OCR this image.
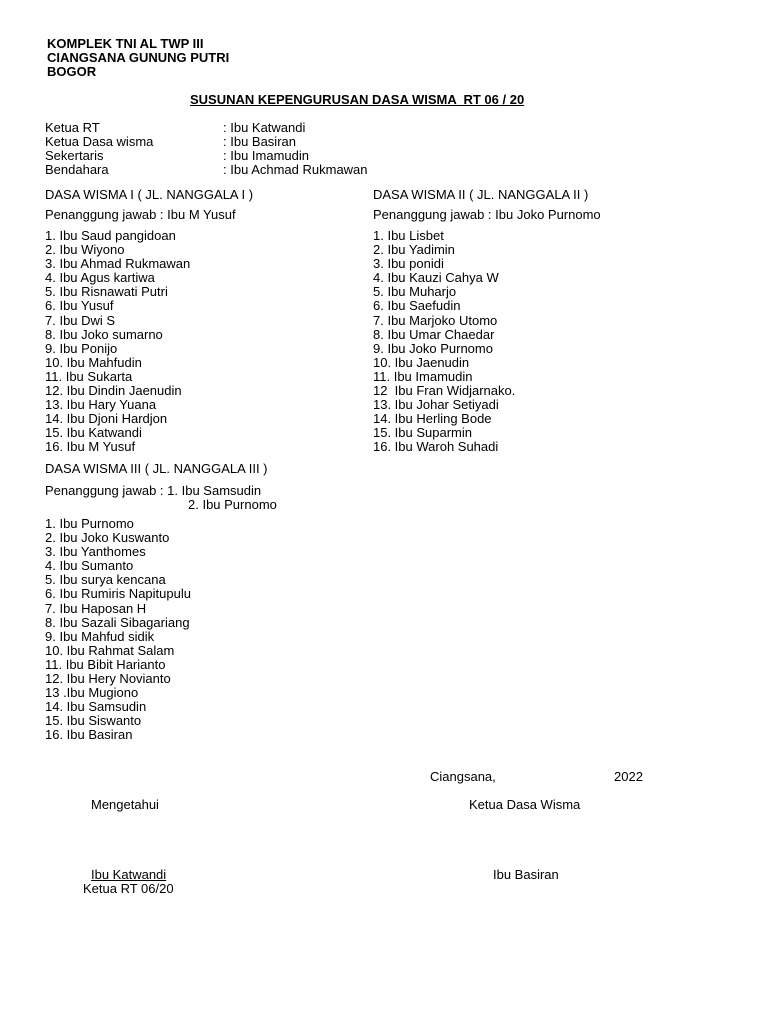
KOMPLEK TNI AL TWP III
CIANGSANA GUNUNG PUTRI
BOGOR
SUSUNAN KEPENGURUSAN DASA WISMA  RT 06 / 20
Ketua RT	: Ibu Katwandi
Ketua Dasa wisma	: Ibu Basiran
Sekertaris	: Ibu Imamudin
Bendahara	: Ibu Achmad Rukmawan
DASA WISMA I ( JL. NANGGALA I )
Penanggung jawab : Ibu M Yusuf
1. Ibu Saud pangidoan
2. Ibu Wiyono
3. Ibu Ahmad Rukmawan
4. Ibu Agus kartiwa
5. Ibu Risnawati Putri
6. Ibu Yusuf
7. Ibu Dwi S
8. Ibu Joko sumarno
9. Ibu Ponijo
10. Ibu Mahfudin
11. Ibu Sukarta
12. Ibu Dindin Jaenudin
13. Ibu Hary Yuana
14. Ibu Djoni Hardjon
15. Ibu Katwandi
16. Ibu M Yusuf
DASA WISMA II ( JL. NANGGALA II )
Penanggung jawab : Ibu Joko Purnomo
1. Ibu Lisbet
2. Ibu Yadimin
3. Ibu ponidi
4. Ibu Kauzi Cahya W
5. Ibu Muharjo
6. Ibu Saefudin
7. Ibu Marjoko Utomo
8. Ibu Umar Chaedar
9. Ibu Joko Purnomo
10. Ibu Jaenudin
11. Ibu Imamudin
12  Ibu Fran Widjarnako.
13. Ibu Johar Setiyadi
14. Ibu Herling Bode
15. Ibu Suparmin
16. Ibu Waroh Suhadi
DASA WISMA III ( JL. NANGGALA III )
Penanggung jawab : 1. Ibu Samsudin
2. Ibu Purnomo
1. Ibu Purnomo
2. Ibu Joko Kuswanto
3. Ibu Yanthomes
4. Ibu Sumanto
5. Ibu surya kencana
6. Ibu Rumiris Napitupulu
7. Ibu Haposan H
8. Ibu Sazali Sibagariang
9. Ibu Mahfud sidik
10. Ibu Rahmat Salam
11. Ibu Bibit Harianto
12. Ibu Hery Novianto
13 .Ibu Mugiono
14. Ibu Samsudin
15. Ibu Siswanto
16. Ibu Basiran
Ciangsana,	2022
Mengetahui	Ketua Dasa Wisma
Ibu Katwandi
Ketua RT 06/20
Ibu Basiran
